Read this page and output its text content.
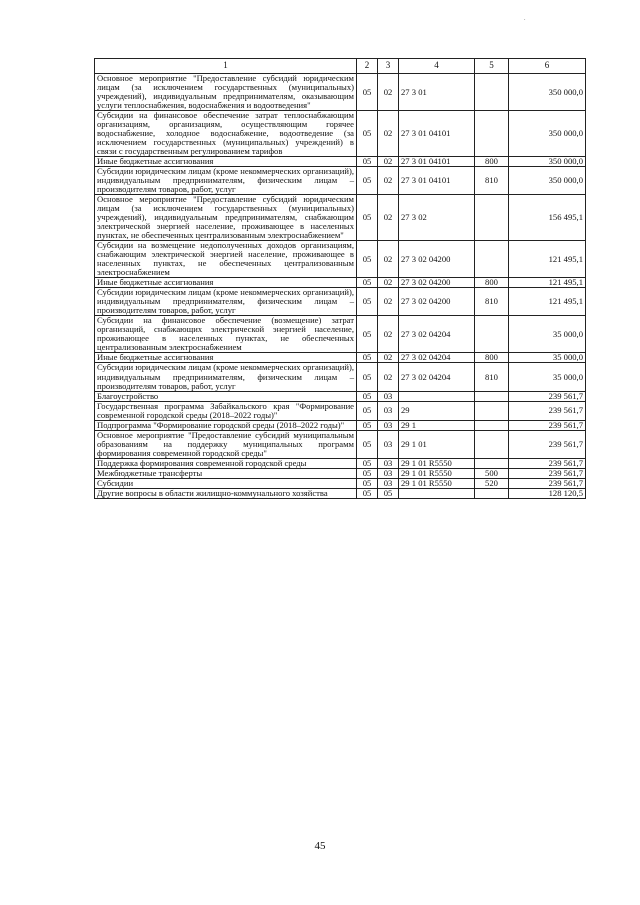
.
1	2	3	4	5	6
Основное мероприятие "Предоставление субсидий юридическим лицам (за исключением государственных (муниципальных) учреждений), индивидуальным предпринимателям, оказывающим услуги теплоснабжения, водоснабжения и водоотведения"	05	02	27 3 01		350 000,0
Субсидии на финансовое обеспечение затрат теплоснабжающим организациям, организациям, осуществляющим горячее водоснабжение, холодное водоснабжение, водоотведение (за исключением государственных (муниципальных) учреждений) в связи с государственным регулированием тарифов	05	02	27 3 01 04101		350 000,0
Иные бюджетные ассигнования	05	02	27 3 01 04101	800	350 000,0
Субсидии юридическим лицам (кроме некоммерческих организаций), индивидуальным предпринимателям, физическим лицам – производителям товаров, работ, услуг	05	02	27 3 01 04101	810	350 000,0
Основное мероприятие "Предоставление субсидий юридическим лицам (за исключением государственных (муниципальных) учреждений), индивидуальным предпринимателям, снабжающим электрической энергией население, проживающее в населенных пунктах, не обеспеченных централизованным электроснабжением"	05	02	27 3 02		156 495,1
Субсидии на возмещение недополученных доходов организациям, снабжающим электрической энергией население, проживающее в населенных пунктах, не обеспеченных централизованным электроснабжением	05	02	27 3 02 04200		121 495,1
Иные бюджетные ассигнования	05	02	27 3 02 04200	800	121 495,1
Субсидии юридическим лицам (кроме некоммерческих организаций), индивидуальным предпринимателям, физическим лицам – производителям товаров, работ, услуг	05	02	27 3 02 04200	810	121 495,1
Субсидии на финансовое обеспечение (возмещение) затрат организаций, снабжающих электрической энергией население, проживающее в населенных пунктах, не обеспеченных централизованным электроснабжением	05	02	27 3 02 04204		35 000,0
Иные бюджетные ассигнования	05	02	27 3 02 04204	800	35 000,0
Субсидии юридическим лицам (кроме некоммерческих организаций), индивидуальным предпринимателям, физическим лицам – производителям товаров, работ, услуг	05	02	27 3 02 04204	810	35 000,0
Благоустройство	05	03			239 561,7
Государственная программа Забайкальского края "Формирование современной городской среды (2018–2022 годы)"	05	03	29		239 561,7
Подпрограмма "Формирование городской среды (2018–2022 годы)"	05	03	29 1		239 561,7
Основное мероприятие "Предоставление субсидий муниципальным образованиям на поддержку муниципальных программ формирования современной городской среды"	05	03	29 1 01		239 561,7
Поддержка формирования современной городской среды	05	03	29 1 01 R5550		239 561,7
Межбюджетные трансферты	05	03	29 1 01 R5550	500	239 561,7
Субсидии	05	03	29 1 01 R5550	520	239 561,7
Другие вопросы в области жилищно-коммунального хозяйства	05	05			128 120,5
45
